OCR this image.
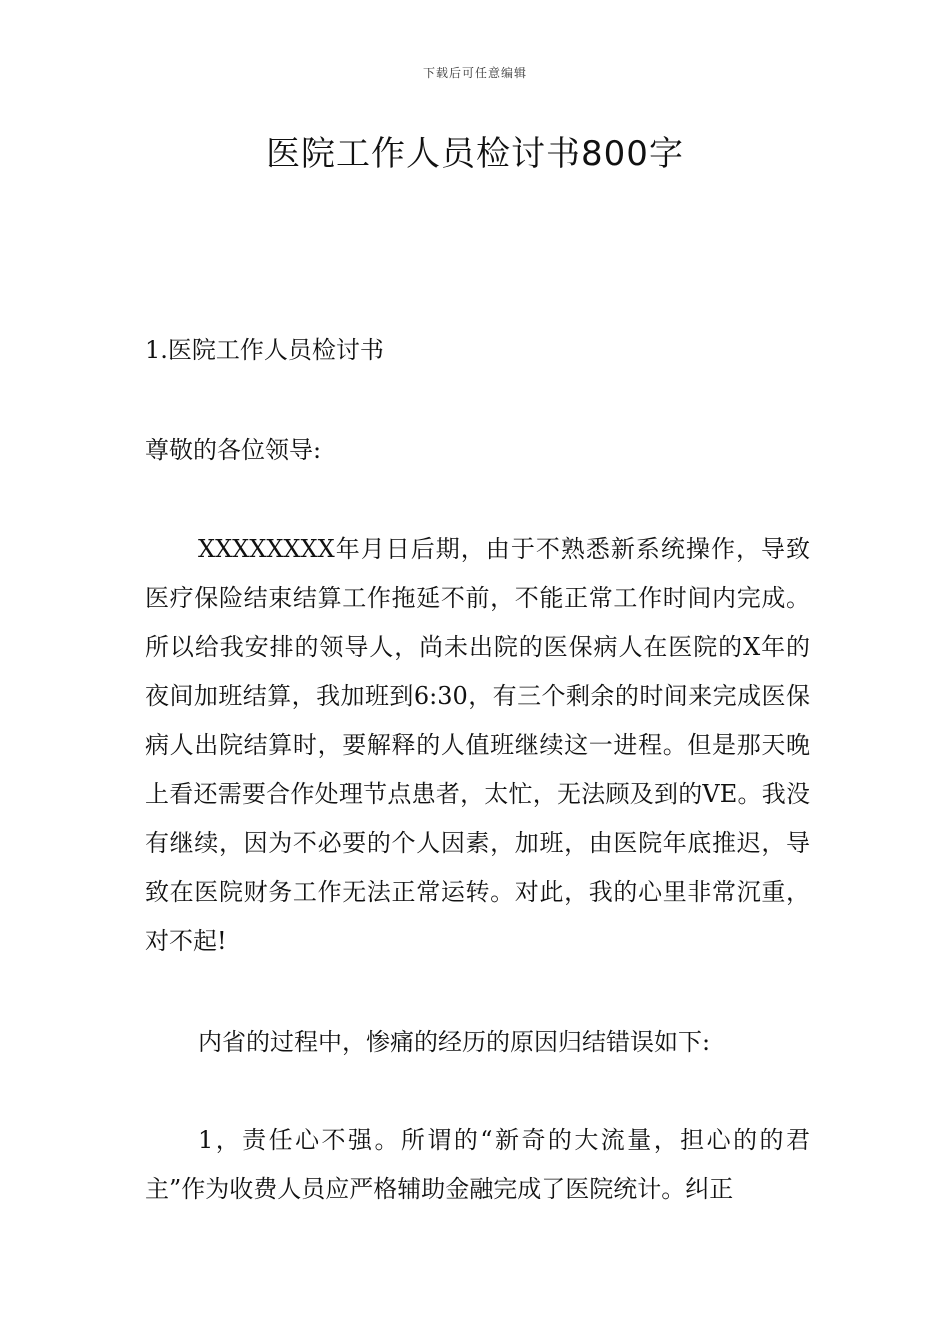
下载后可任意编辑
医院工作人员检讨书800字
1.医院工作人员检讨书
尊敬的各位领导:
XXXXXXXX年月日后期，由于不熟悉新系统操作，导致医疗保险结束结算工作拖延不前，不能正常工作时间内完成。所以给我安排的领导人，尚未出院的医保病人在医院的X年的夜间加班结算，我加班到6:30，有三个剩余的时间来完成医保病人出院结算时，要解释的人值班继续这一进程。但是那天晚上看还需要合作处理节点患者，太忙，无法顾及到的VE。我没有继续，因为不必要的个人因素，加班，由医院年底推迟，导致在医院财务工作无法正常运转。对此，我的心里非常沉重，对不起!
内省的过程中，惨痛的经历的原因归结错误如下:
1，责任心不强。所谓的“新奇的大流量，担心的的君主”作为收费人员应严格辅助金融完成了医院统计。纠正
